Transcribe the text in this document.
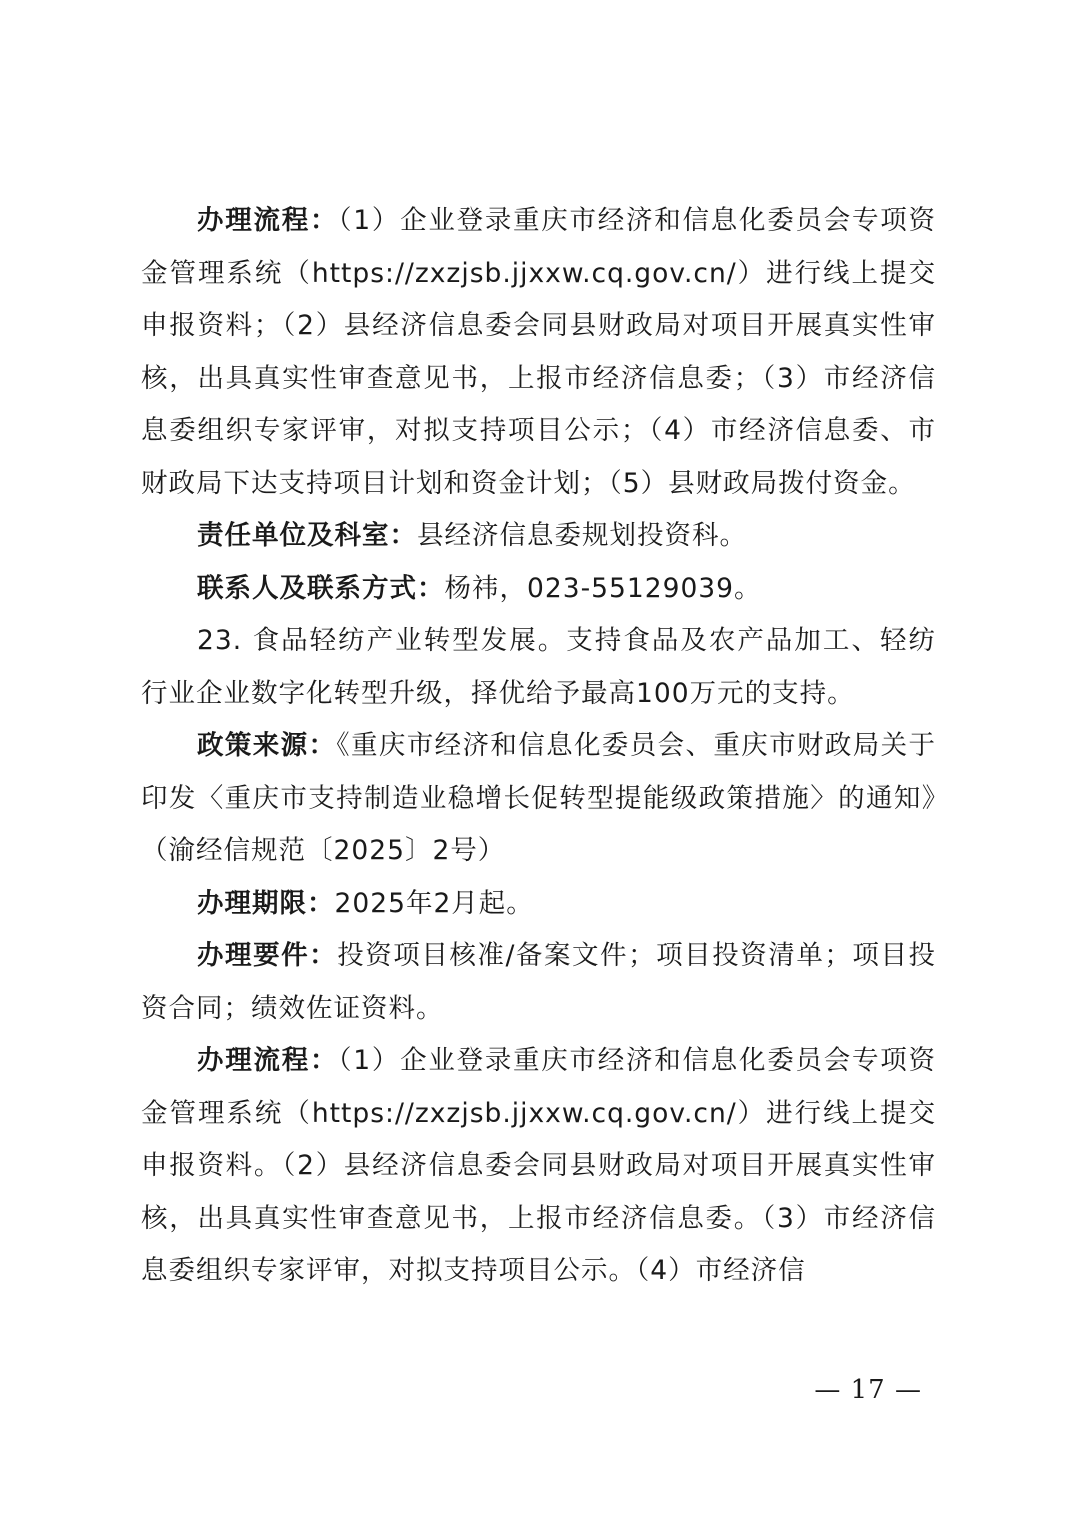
办理流程：（1）企业登录重庆市经济和信息化委员会专项资金管理系统（https://zxzjsb.jjxxw.cq.gov.cn/）进行线上提交申报资料；（2）县经济信息委会同县财政局对项目开展真实性审核，出具真实性审查意见书，上报市经济信息委；（3）市经济信息委组织专家评审，对拟支持项目公示；（4）市经济信息委、市财政局下达支持项目计划和资金计划；（5）县财政局拨付资金。

责任单位及科室：县经济信息委规划投资科。

联系人及联系方式：杨祎，023-55129039。

23. 食品轻纺产业转型发展。支持食品及农产品加工、轻纺行业企业数字化转型升级，择优给予最高100万元的支持。

政策来源：《重庆市经济和信息化委员会、重庆市财政局关于印发〈重庆市支持制造业稳增长促转型提能级政策措施〉的通知》（渝经信规范〔2025〕2号）

办理期限：2025年2月起。

办理要件：投资项目核准/备案文件；项目投资清单；项目投资合同；绩效佐证资料。

办理流程：（1）企业登录重庆市经济和信息化委员会专项资金管理系统（https://zxzjsb.jjxxw.cq.gov.cn/）进行线上提交申报资料。（2）县经济信息委会同县财政局对项目开展真实性审核，出具真实性审查意见书，上报市经济信息委。（3）市经济信息委组织专家评审，对拟支持项目公示。（4）市经济信

— 17 —
